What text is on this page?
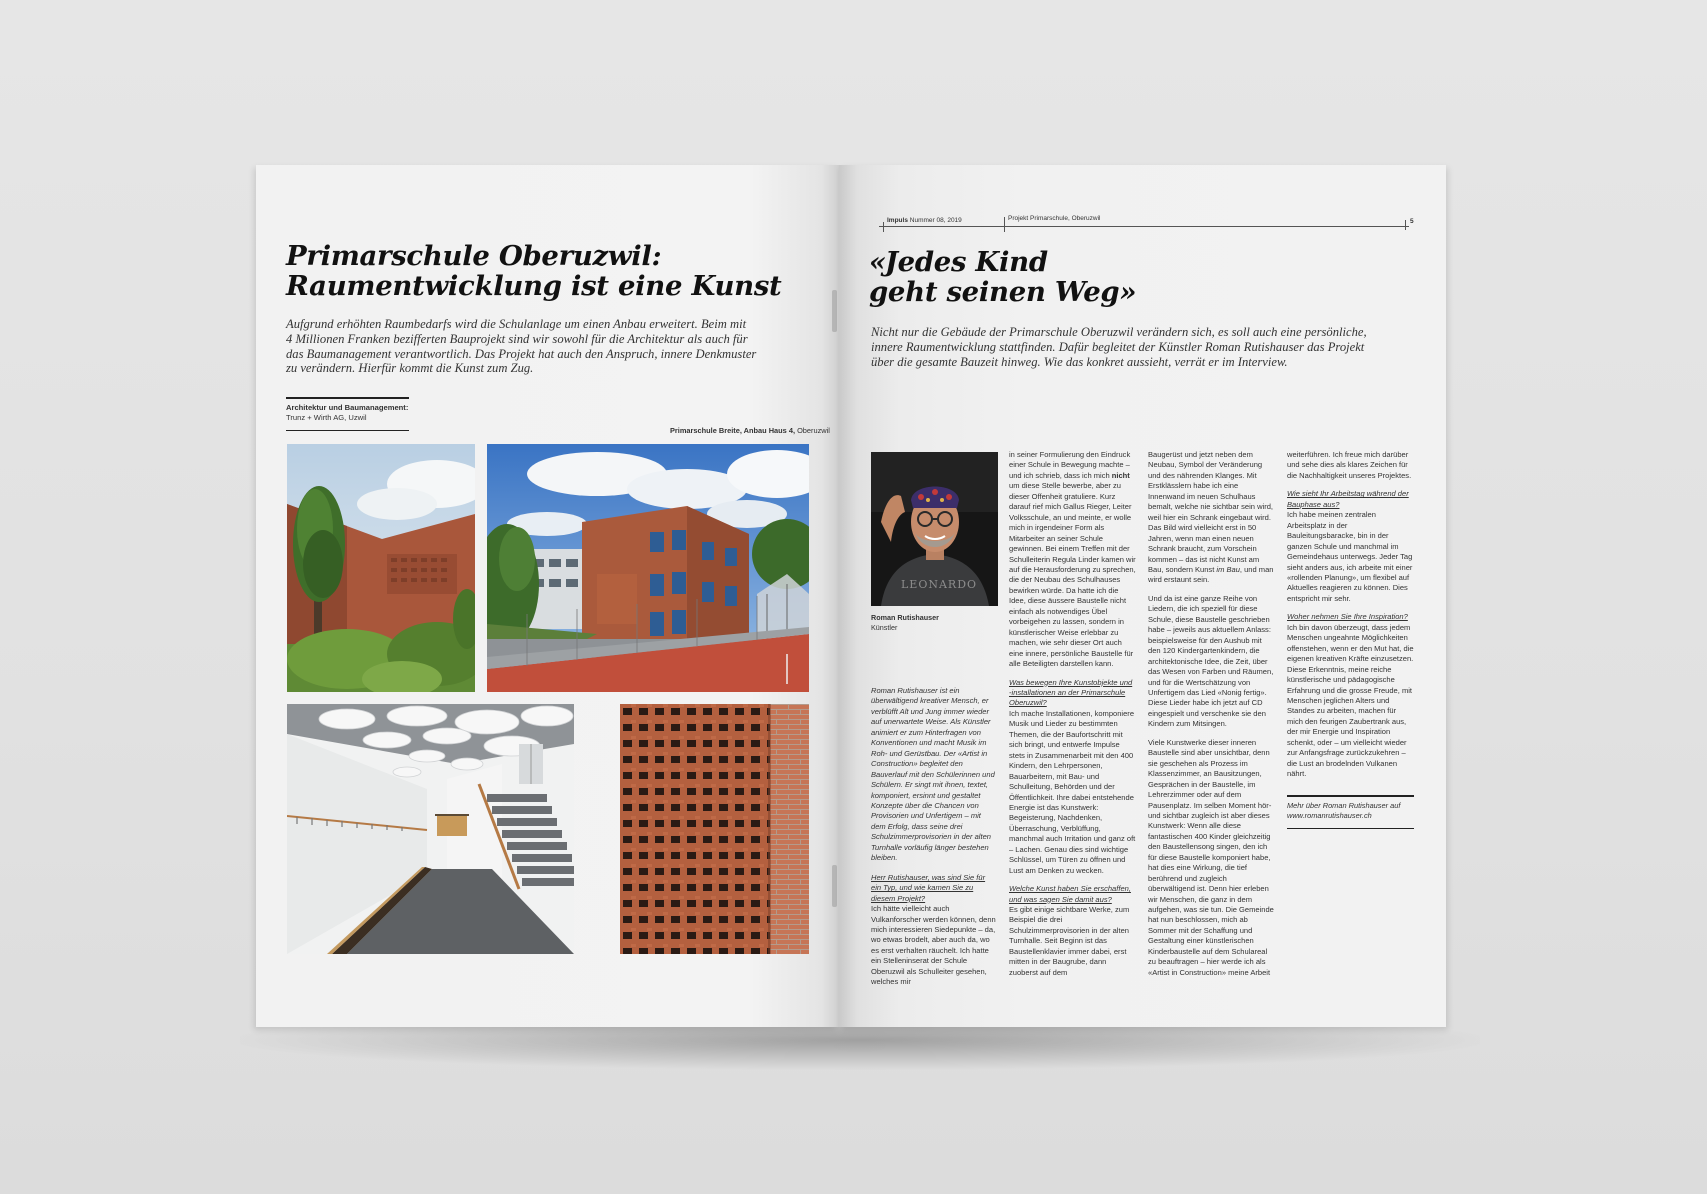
Primarschule Oberuzwil:
Raumentwicklung ist eine Kunst
Aufgrund erhöhten Raumbedarfs wird die Schulanlage um einen Anbau erweitert. Beim mit
4 Millionen Franken bezifferten Bauprojekt sind wir sowohl für die Architektur als auch für
das Baumanagement verantwortlich. Das Projekt hat auch den Anspruch, innere Denkmuster
zu verändern. Hierfür kommt die Kunst zum Zug.
Architektur und Baumanagement:
Trunz + Wirth AG, Uzwil
Primarschule Breite, Anbau Haus 4, Oberuzwil
Impuls Nummer 08, 2019	Projekt Primarschule, Oberuzwil	5
«Jedes Kind
geht seinen Weg»
Nicht nur die Gebäude der Primarschule Oberuzwil verändern sich, es soll auch eine persönliche,
innere Raumentwicklung stattfinden. Dafür begleitet der Künstler Roman Rutishauser das Projekt
über die gesamte Bauzeit hinweg. Wie das konkret aussieht, verrät er im Interview.
LEONARDO
Roman Rutishauser
Künstler
Roman Rutishauser ist ein überwältigend kreativer Mensch, er verblüfft Alt und Jung immer wieder auf unerwartete Weise. Als Künstler animiert er zum Hinterfragen von Konventionen und macht Musik im Roh- und Gerüstbau. Der «Artist in Construction» begleitet den Bauverlauf mit den Schülerinnen und Schülern. Er singt mit ihnen, textet, komponiert, ersinnt und gestaltet Konzepte über die Chancen von Provisorien und Unfertigem – mit dem Erfolg, dass seine drei Schulzimmerprovisorien in der alten Turnhalle vorläufig länger bestehen bleiben.
Herr Rutishauser, was sind Sie für ein Typ, und wie kamen Sie zu diesem Projekt?
Ich hätte vielleicht auch Vulkanforscher werden können, denn mich interessieren Siedepunkte – da, wo etwas brodelt, aber auch da, wo es erst verhalten räuchelt. Ich hatte ein Stelleninserat der Schule Oberuzwil als Schulleiter gesehen, welches mir

in seiner Formulierung den Eindruck einer Schule in Bewegung machte – und ich schrieb, dass ich mich nicht um diese Stelle bewerbe, aber zu dieser Offenheit gratuliere. Kurz darauf rief mich Gallus Rieger, Leiter Volksschule, an und meinte, er wolle mich in irgendeiner Form als Mitarbeiter an seiner Schule gewinnen. Bei einem Treffen mit der Schulleiterin Regula Linder kamen wir auf die Herausforderung zu sprechen, die der Neubau des Schulhauses bewirken würde. Da hatte ich die Idee, diese äussere Baustelle nicht einfach als notwendiges Übel vorbeigehen zu lassen, sondern in künstlerischer Weise erlebbar zu machen, wie sehr dieser Ort auch eine innere, persönliche Baustelle für alle Beteiligten darstellen kann.

Was bewegen Ihre Kunstobjekte und -installationen an der Primarschule Oberuzwil?

Ich mache Installationen, komponiere Musik und Lieder zu bestimmten Themen, die der Baufortschritt mit sich bringt, und entwerfe Impulse stets in Zusammenarbeit mit den 400 Kindern, den Lehrpersonen, Bauarbeitern, mit Bau- und Schulleitung, Behörden und der Öffentlichkeit. Ihre dabei entstehende Energie ist das Kunstwerk: Begeisterung, Nachdenken, Überraschung, Verblüffung, manchmal auch Irritation und ganz oft – Lachen. Genau dies sind wichtige Schlüssel, um Türen zu öffnen und Lust am Denken zu wecken.

Welche Kunst haben Sie erschaffen, und was sagen Sie damit aus?

Es gibt einige sichtbare Werke, zum Beispiel die drei Schulzimmerprovisorien in der alten Turnhalle. Seit Beginn ist das Baustellenklavier immer dabei, erst mitten in der Baugrube, dann zuoberst auf dem

Baugerüst und jetzt neben dem Neubau, Symbol der Veränderung und des nährenden Klanges. Mit Erstklässlern habe ich eine Innenwand im neuen Schulhaus bemalt, welche nie sichtbar sein wird, weil hier ein Schrank eingebaut wird. Das Bild wird vielleicht erst in 50 Jahren, wenn man einen neuen Schrank braucht, zum Vorschein kommen – das ist nicht Kunst am Bau, sondern Kunst im Bau, und man wird erstaunt sein.

Und da ist eine ganze Reihe von Liedern, die ich speziell für diese Schule, diese Baustelle geschrieben habe – jeweils aus aktuellem Anlass: beispielsweise für den Aushub mit den 120 Kindergartenkindern, die architektonische Idee, die Zeit, über das Wesen von Farben und Räumen, und für die Wertschätzung von Unfertigem das Lied «Nonig fertig». Diese Lieder habe ich jetzt auf CD eingespielt und verschenke sie den Kindern zum Mitsingen.

Viele Kunstwerke dieser inneren Baustelle sind aber unsichtbar, denn sie geschehen als Prozess im Klassenzimmer, an Bausitzungen, Gesprächen in der Baustelle, im Lehrerzimmer oder auf dem Pausenplatz. Im selben Moment hör- und sichtbar zugleich ist aber dieses Kunstwerk: Wenn alle diese fantastischen 400 Kinder gleichzeitig den Baustellensong singen, den ich für diese Baustelle komponiert habe, hat dies eine Wirkung, die tief berührend und zugleich überwältigend ist. Denn hier erleben wir Menschen, die ganz in dem aufgehen, was sie tun. Die Gemeinde hat nun beschlossen, mich ab Sommer mit der Schaffung und Gestaltung einer künstlerischen Kinderbaustelle auf dem Schulareal zu beauftragen – hier werde ich als «Artist in Construction» meine Arbeit

weiterführen. Ich freue mich darüber und sehe dies als klares Zeichen für die Nachhaltigkeit unseres Projektes.

Wie sieht Ihr Arbeitstag während der Bauphase aus?

Ich habe meinen zentralen Arbeitsplatz in der Bauleitungsbaracke, bin in der ganzen Schule und manchmal im Gemeindehaus unterwegs. Jeder Tag sieht anders aus, ich arbeite mit einer «rollenden Planung», um flexibel auf Aktuelles reagieren zu können. Dies entspricht mir sehr.

Woher nehmen Sie Ihre Inspiration?

Ich bin davon überzeugt, dass jedem Menschen ungeahnte Möglichkeiten offenstehen, wenn er den Mut hat, die eigenen kreativen Kräfte einzusetzen. Diese Erkenntnis, meine reiche künstlerische und pädagogische Erfahrung und die grosse Freude, mit Menschen jeglichen Alters und Standes zu arbeiten, machen für mich den feurigen Zaubertrank aus, der mir Energie und Inspiration schenkt, oder – um vielleicht wieder zur Anfangsfrage zurückzukehren – die Lust an brodelnden Vulkanen nährt.

Mehr über Roman Rutishauser auf
www.romanrutishauser.ch
